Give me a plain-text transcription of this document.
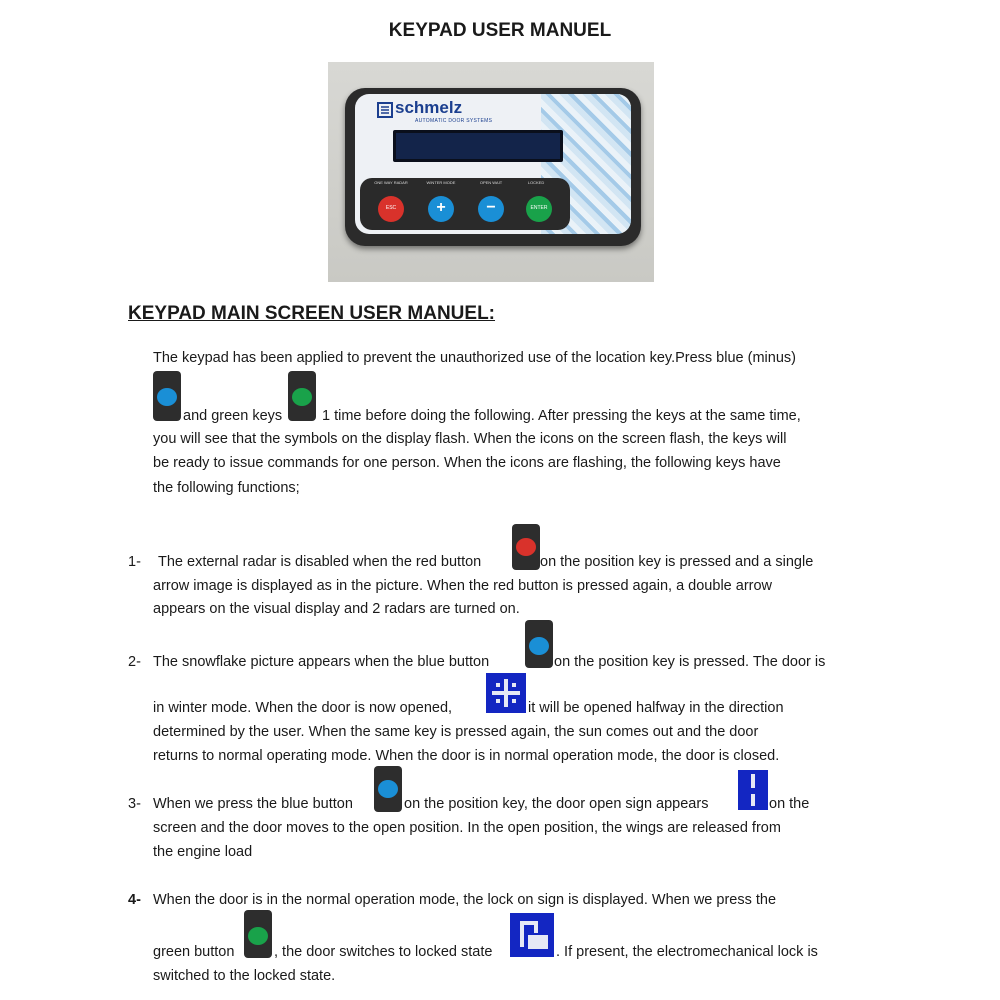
KEYPAD USER MANUEL
schmelz
AUTOMATIC DOOR SYSTEMS
ONE WAY RADAR	WINTER MODE	OPEN WAIT	LOCKED
ESC	+	−	ENTER
KEYPAD MAIN SCREEN USER MANUEL:
The keypad has been applied to prevent the unauthorized use of the location key.Press blue (minus)
and green keys	1 time before doing the following. After pressing the keys at the same time,
you will see that the symbols on the display flash. When the icons on the screen flash, the keys will
be ready to issue commands for one person. When the icons are flashing, the following keys have
the following functions;
1- The external radar is disabled when the red button	on the position key is pressed and a single
arrow image is displayed as in the picture. When the red button is pressed again, a double arrow
appears on the visual display and 2 radars are turned on.
2- The snowflake picture appears when the blue button	on the position key is pressed. The door is
in winter mode. When the door is now opened,	it will be opened halfway in the direction
determined by the user. When the same key is pressed again, the sun comes out and the door
returns to normal operating mode. When the door is in normal operation mode, the door is closed.
3- When we press the blue button	on the position key, the door open sign appears	on the
screen and the door moves to the open position. In the open position, the wings are released from
the engine load
4- When the door is in the normal operation mode, the lock on sign is displayed. When we press the
green button	, the door switches to locked state	. If present, the electromechanical lock is
switched to the locked state.
